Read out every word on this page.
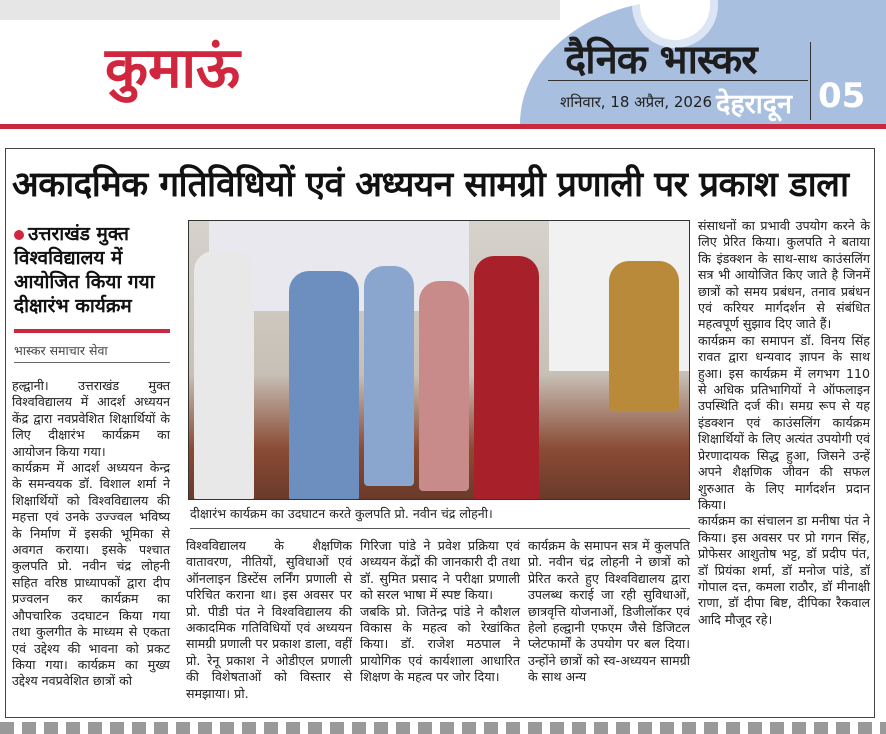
कुमाऊं	दैनिक भास्कर
शनिवार, 18 अप्रैल, 2026 देहरादून 05
अकादमिक गतिविधियों एवं अध्ययन सामग्री प्रणाली पर प्रकाश डाला
उत्तराखंड मुक्त विश्वविद्यालय में आयोजित किया गया दीक्षारंभ कार्यक्रम
भास्कर समाचार सेवा
दीक्षारंभ कार्यक्रम का उदघाटन करते कुलपति प्रो. नवीन चंद्र लोहनी।

हल्द्वानी। उत्तराखंड मुक्त विश्वविद्यालय में आदर्श अध्ययन केंद्र द्वारा नवप्रवेशित शिक्षार्थियों के लिए दीक्षारंभ कार्यक्रम का आयोजन किया गया।

कार्यक्रम में आदर्श अध्ययन केन्द्र के समन्वयक डॉ. विशाल शर्मा ने शिक्षार्थियों को विश्वविद्यालय की महत्ता एवं उनके उज्ज्वल भविष्य के निर्माण में इसकी भूमिका से अवगत कराया। इसके पश्चात कुलपति प्रो. नवीन चंद्र लोहनी सहित वरिष्ठ प्राध्यापकों द्वारा दीप प्रज्वलन कर कार्यक्रम का औपचारिक उदघाटन किया गया तथा कुलगीत के माध्यम से एकता एवं उद्देश्य की भावना को प्रकट किया गया। कार्यक्रम का मुख्य उद्देश्य नवप्रवेशित छात्रों को

विश्वविद्यालय के शैक्षणिक वातावरण, नीतियों, सुविधाओं एवं ऑनलाइन डिस्टेंस लर्निंग प्रणाली से परिचित कराना था। इस अवसर पर प्रो. पीडी पंत ने विश्वविद्यालय की अकादमिक गतिविधियों एवं अध्ययन सामग्री प्रणाली पर प्रकाश डाला, वहीं प्रो. रेनू प्रकाश ने ओडीएल प्रणाली की विशेषताओं को विस्तार से समझाया। प्रो.

गिरिजा पांडे ने प्रवेश प्रक्रिया एवं अध्ययन केंद्रों की जानकारी दी तथा डॉ. सुमित प्रसाद ने परीक्षा प्रणाली को सरल भाषा में स्पष्ट किया।

जबकि प्रो. जितेन्द्र पांडे ने कौशल विकास के महत्व को रेखांकित किया। डॉ. राजेश मठपाल ने प्रायोगिक एवं कार्यशाला आधारित शिक्षण के महत्व पर जोर दिया।

कार्यक्रम के समापन सत्र में कुलपति प्रो. नवीन चंद्र लोहनी ने छात्रों को प्रेरित करते हुए विश्वविद्यालय द्वारा उपलब्ध कराई जा रही सुविधाओं, छात्रवृत्ति योजनाओं, डिजीलॉकर एवं हेलो हल्द्वानी एफएम जैसे डिजिटल प्लेटफार्मों के उपयोग पर बल दिया। उन्होंने छात्रों को स्व-अध्ययन सामग्री के साथ अन्य

संसाधनों का प्रभावी उपयोग करने के लिए प्रेरित किया। कुलपति ने बताया कि इंडक्शन के साथ-साथ काउंसलिंग सत्र भी आयोजित किए जाते है जिनमें छात्रों को समय प्रबंधन, तनाव प्रबंधन एवं करियर मार्गदर्शन से संबंधित महत्वपूर्ण सुझाव दिए जाते हैं।

कार्यक्रम का समापन डॉ. विनय सिंह रावत द्वारा धन्यवाद ज्ञापन के साथ हुआ। इस कार्यक्रम में लगभग 110 से अधिक प्रतिभागियों ने ऑफलाइन उपस्थिति दर्ज की। समग्र रूप से यह इंडक्शन एवं काउंसलिंग कार्यक्रम शिक्षार्थियों के लिए अत्यंत उपयोगी एवं प्रेरणादायक सिद्ध हुआ, जिसने उन्हें अपने शैक्षणिक जीवन की सफल शुरुआत के लिए मार्गदर्शन प्रदान किया।

कार्यक्रम का संचालन डा मनीषा पंत ने किया। इस अवसर पर प्रो गगन सिंह, प्रोफेसर आशुतोष भट्ट, डॉ प्रदीप पंत, डॉ प्रियंका शर्मा, डॉ मनोज पांडे, डॉ गोपाल दत्त, कमला राठौर, डॉ मीनाक्षी राणा, डॉ दीपा बिष्ट, दीपिका रैकवाल आदि मौजूद रहे।
